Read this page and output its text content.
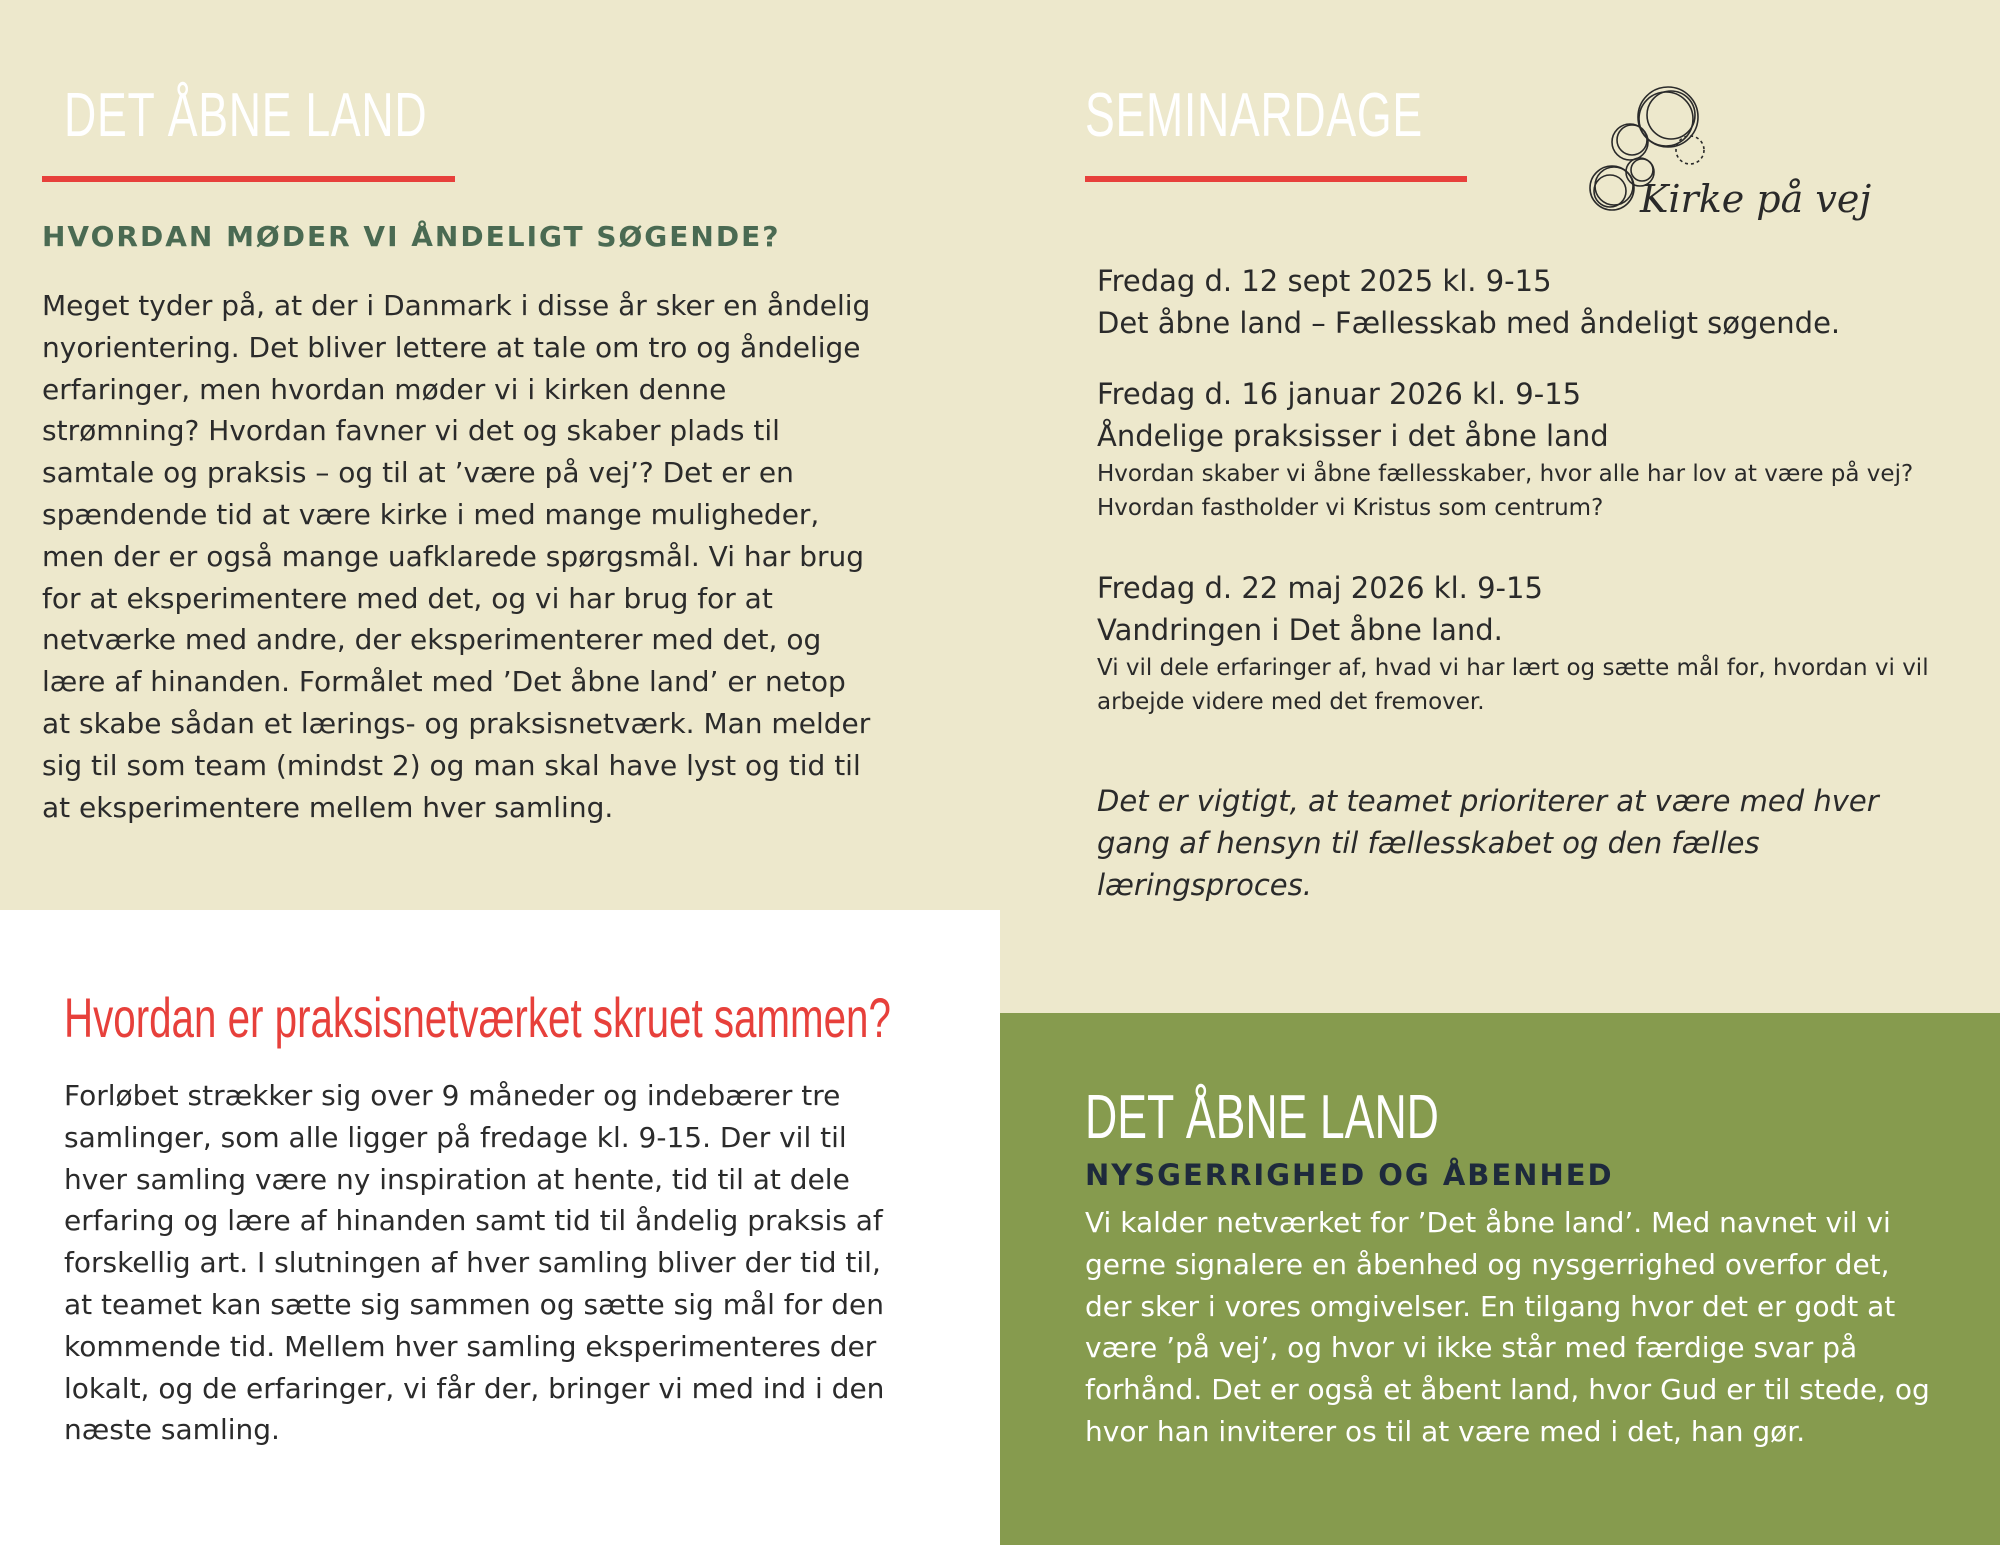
DET ÅBNE LAND
HVORDAN MØDER VI ÅNDELIGT SØGENDE?

Meget tyder på, at der i Danmark i disse år sker en åndelig nyorientering. Det bliver lettere at tale om tro og åndelige erfaringer, men hvordan møder vi i kirken denne strømning? Hvordan favner vi det og skaber plads til samtale og praksis – og til at ’være på vej’? Det er en spændende tid at være kirke i med mange muligheder, men der er også mange uafklarede spørgsmål. Vi har brug for at eksperimentere med det, og vi har brug for at netværke med andre, der eksperimenterer med det, og lære af hinanden. Formålet med ’Det åbne land’ er netop at skabe sådan et lærings- og praksisnetværk. Man melder sig til som team (mindst 2) og man skal have lyst og tid til at eksperimentere mellem hver samling.

SEMINARDAGE
Kirke på vej

Fredag d. 12 sept 2025 kl. 9-15

Det åbne land – Fællesskab med åndeligt søgende.

Fredag d. 16 januar 2026 kl. 9-15

Åndelige praksisser i det åbne land

Hvordan skaber vi åbne fællesskaber, hvor alle har lov at være på vej? Hvordan fastholder vi Kristus som centrum?

Fredag d. 22 maj 2026 kl. 9-15

Vandringen i Det åbne land.

Vi vil dele erfaringer af, hvad vi har lært og sætte mål for, hvordan vi vil arbejde videre med det fremover.

Det er vigtigt, at teamet prioriterer at være med hver gang af hensyn til fællesskabet og den fælles læringsproces.

Hvordan er praksisnetværket skruet sammen?

Forløbet strækker sig over 9 måneder og indebærer tre samlinger, som alle ligger på fredage kl. 9-15. Der vil til hver samling være ny inspiration at hente, tid til at dele erfaring og lære af hinanden samt tid til åndelig praksis af forskellig art. I slutningen af hver samling bliver der tid til, at teamet kan sætte sig sammen og sætte sig mål for den kommende tid. Mellem hver samling eksperimenteres der lokalt, og de erfaringer, vi får der, bringer vi med ind i den næste samling.

DET ÅBNE LAND
NYSGERRIGHED OG ÅBENHED

Vi kalder netværket for ’Det åbne land’. Med navnet vil vi gerne signalere en åbenhed og nysgerrighed overfor det, der sker i vores omgivelser. En tilgang hvor det er godt at være ’på vej’, og hvor vi ikke står med færdige svar på forhånd. Det er også et åbent land, hvor Gud er til stede, og hvor han inviterer os til at være med i det, han gør.
